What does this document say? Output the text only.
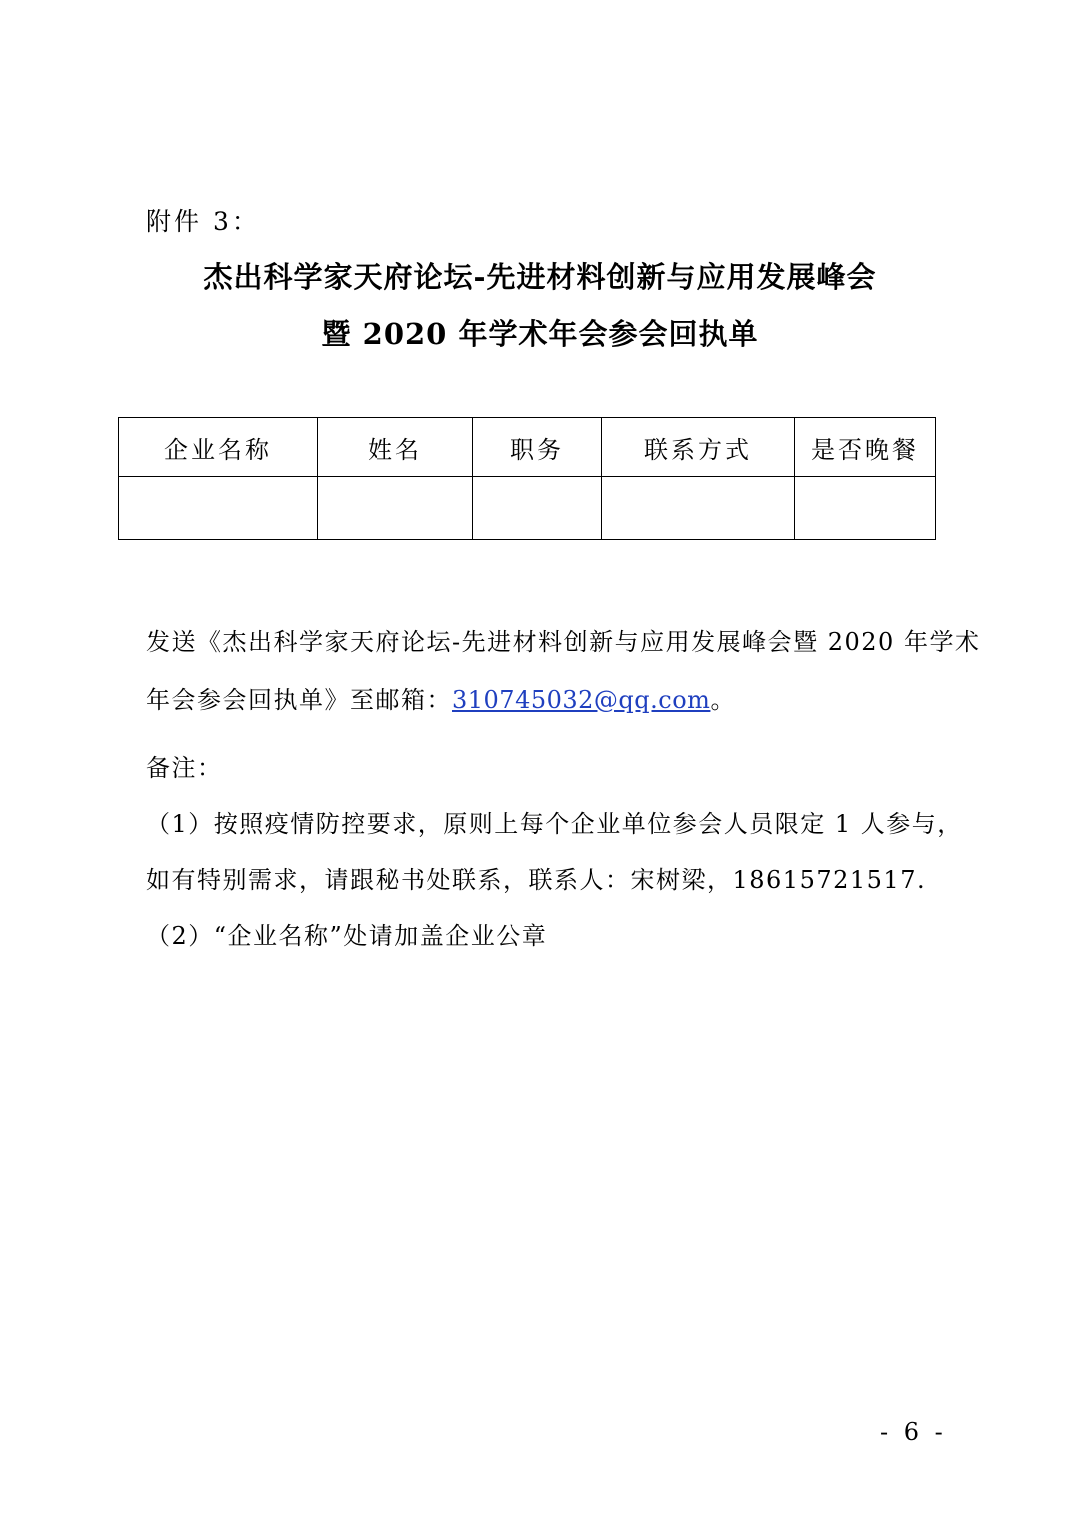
附件 3：
杰出科学家天府论坛-先进材料创新与应用发展峰会
暨 2020 年学术年会参会回执单
企业名称	姓名	职务	联系方式	是否晚餐

发送《杰出科学家天府论坛-先进材料创新与应用发展峰会暨 2020 年学术
年会参会回执单》至邮箱：310745032@qq.com。
备注：
（1）按照疫情防控要求，原则上每个企业单位参会人员限定 1 人参与，
如有特别需求，请跟秘书处联系，联系人：宋树梁，18615721517.
（2）“企业名称”处请加盖企业公章
- 6 -
